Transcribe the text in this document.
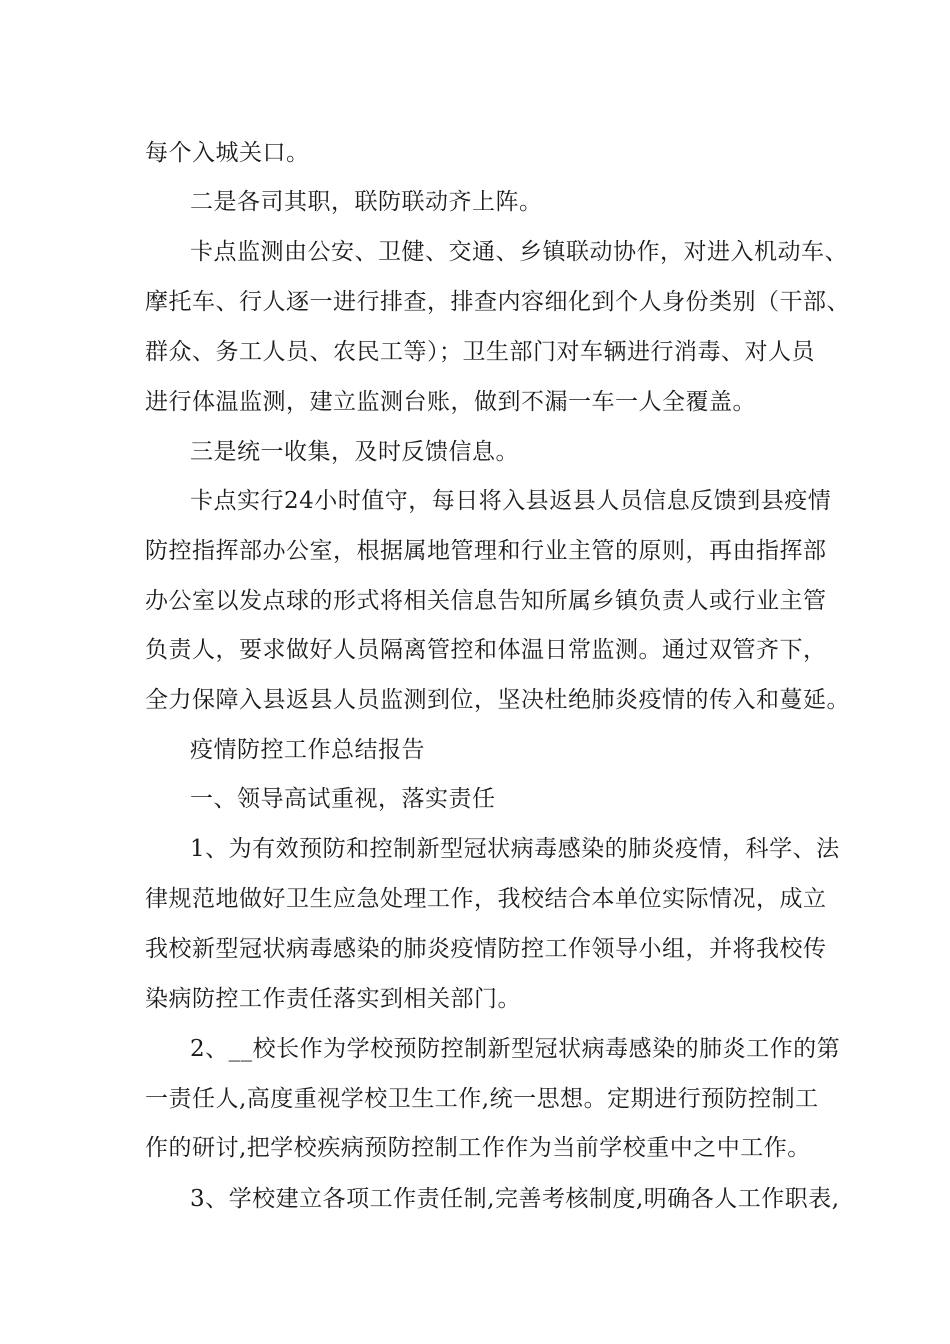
每个入城关口。
二是各司其职，联防联动齐上阵。
卡点监测由公安、卫健、交通、乡镇联动协作，对进入机动车、
摩托车、行人逐一进行排查，排查内容细化到个人身份类别（干部、
群众、务工人员、农民工等）；卫生部门对车辆进行消毒、对人员
进行体温监测，建立监测台账，做到不漏一车一人全覆盖。
三是统一收集，及时反馈信息。
卡点实行24小时值守，每日将入县返县人员信息反馈到县疫情
防控指挥部办公室，根据属地管理和行业主管的原则，再由指挥部
办公室以发点球的形式将相关信息告知所属乡镇负责人或行业主管
负责人，要求做好人员隔离管控和体温日常监测。通过双管齐下，
全力保障入县返县人员监测到位，坚决杜绝肺炎疫情的传入和蔓延。
疫情防控工作总结报告
一、领导高试重视，落实责任
1、为有效预防和控制新型冠状病毒感染的肺炎疫情，科学、法
律规范地做好卫生应急处理工作，我校结合本单位实际情况，成立
我校新型冠状病毒感染的肺炎疫情防控工作领导小组，并将我校传
染病防控工作责任落实到相关部门。
2、__校长作为学校预防控制新型冠状病毒感染的肺炎工作的第
一责任人,高度重视学校卫生工作,统一思想。定期进行预防控制工
作的研讨,把学校疾病预防控制工作作为当前学校重中之中工作。
3、学校建立各项工作责任制,完善考核制度,明确各人工作职表,
